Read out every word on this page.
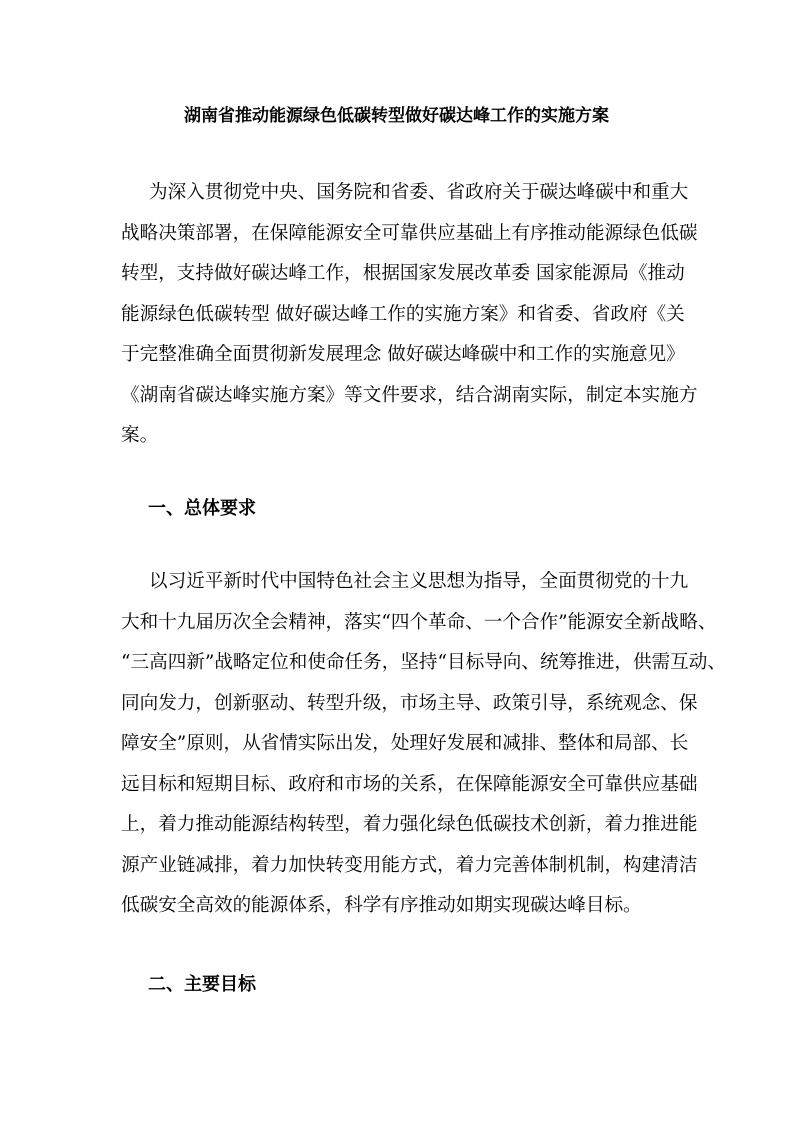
湖南省推动能源绿色低碳转型做好碳达峰工作的实施方案
为深入贯彻党中央、国务院和省委、省政府关于碳达峰碳中和重大
战略决策部署，在保障能源安全可靠供应基础上有序推动能源绿色低碳
转型，支持做好碳达峰工作，根据国家发展改革委 国家能源局《推动
能源绿色低碳转型 做好碳达峰工作的实施方案》和省委、省政府《关
于完整准确全面贯彻新发展理念 做好碳达峰碳中和工作的实施意见》
《湖南省碳达峰实施方案》等文件要求，结合湖南实际，制定本实施方
案。
一、总体要求
以习近平新时代中国特色社会主义思想为指导，全面贯彻党的十九
大和十九届历次全会精神，落实“四个革命、一个合作”能源安全新战略、
“三高四新”战略定位和使命任务，坚持“目标导向、统筹推进，供需互动、
同向发力，创新驱动、转型升级，市场主导、政策引导，系统观念、保
障安全”原则，从省情实际出发，处理好发展和减排、整体和局部、长
远目标和短期目标、政府和市场的关系，在保障能源安全可靠供应基础
上，着力推动能源结构转型，着力强化绿色低碳技术创新，着力推进能
源产业链减排，着力加快转变用能方式，着力完善体制机制，构建清洁
低碳安全高效的能源体系，科学有序推动如期实现碳达峰目标。
二、主要目标
